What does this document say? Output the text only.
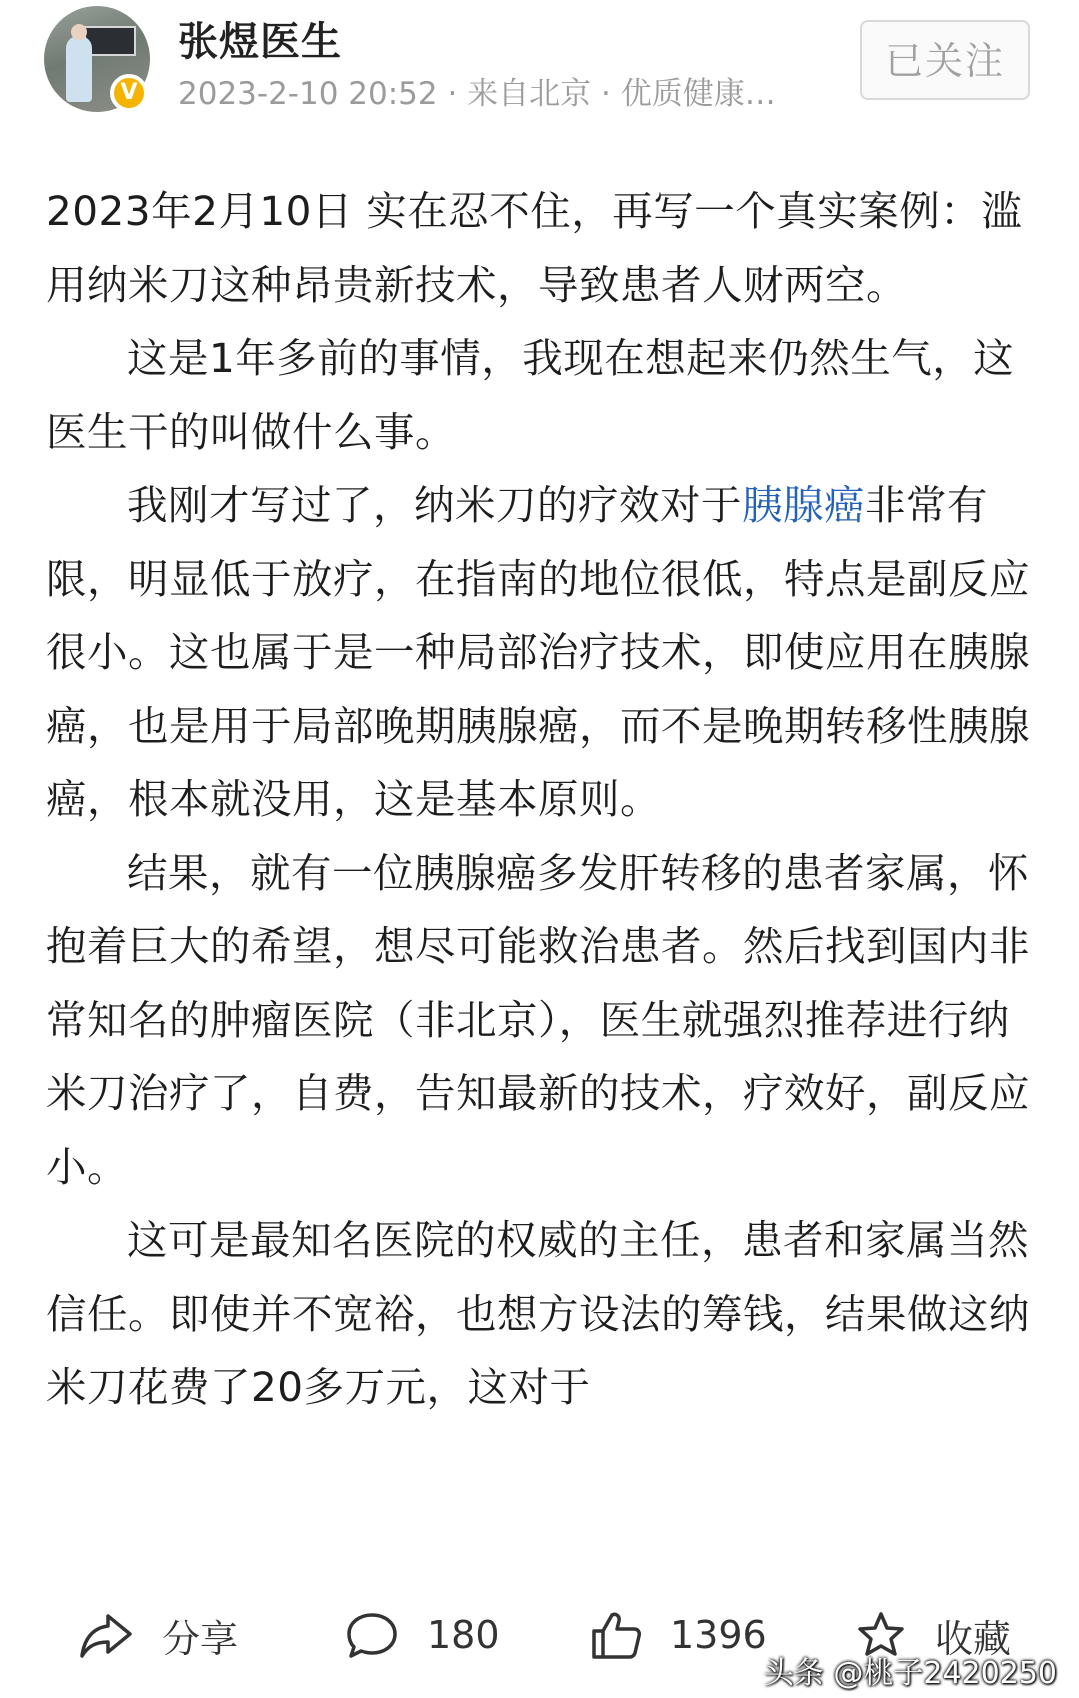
V
张煜医生
2023-2-10 20:52 · 来自北京 · 优质健康…
已关注

2023年2月10日 实在忍不住，再写一个真实案例：滥用纳米刀这种昂贵新技术，导致患者人财两空。

这是1年多前的事情，我现在想起来仍然生气，这医生干的叫做什么事。

我刚才写过了，纳米刀的疗效对于胰腺癌非常有限，明显低于放疗，在指南的地位很低，特点是副反应很小。这也属于是一种局部治疗技术，即使应用在胰腺癌，也是用于局部晚期胰腺癌，而不是晚期转移性胰腺癌，根本就没用，这是基本原则。

结果，就有一位胰腺癌多发肝转移的患者家属，怀抱着巨大的希望，想尽可能救治患者。然后找到国内非常知名的肿瘤医院（非北京），医生就强烈推荐进行纳米刀治疗了，自费，告知最新的技术，疗效好，副反应小。

这可是最知名医院的权威的主任，患者和家属当然信任。即使并不宽裕，也想方设法的筹钱，结果做这纳米刀花费了20多万元，这对于

分享	180	1396	收藏
头条 @桃子2420250
